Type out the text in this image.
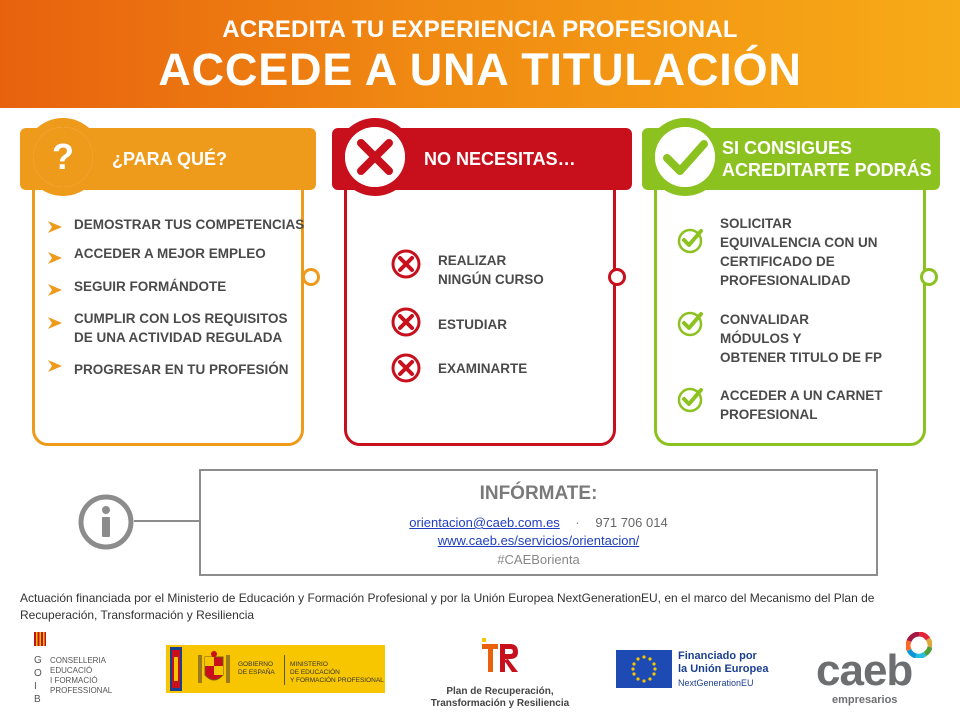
ACREDITA TU EXPERIENCIA PROFESIONAL
ACCEDE A UNA TITULACIÓN
? ¿PARA QUÉ?
DEMOSTRAR TUS COMPETENCIAS
ACCEDER A MEJOR EMPLEO
SEGUIR FORMÁNDOTE
CUMPLIR CON LOS REQUISITOS
DE UNA ACTIVIDAD REGULADA
PROGRESAR EN TU PROFESIÓN
NO NECESITAS…
REALIZAR
NINGÚN CURSO
ESTUDIAR
EXAMINARTE
SI CONSIGUES
ACREDITARTE PODRÁS
SOLICITAR
EQUIVALENCIA CON UN
CERTIFICADO DE
PROFESIONALIDAD
CONVALIDAR
MÓDULOS Y
OBTENER TITULO DE FP
ACCEDER A UN CARNET
PROFESIONAL
INFÓRMATE:
orientacion@caeb.com.es · 971 706 014
www.caeb.es/servicios/orientacion/
#CAEBorienta
Actuación financiada por el Ministerio de Educación y Formación Profesional y por la Unión Europea NextGenerationEU, en el marco del Mecanismo del Plan de Recuperación, Transformación y Resiliencia
G
O
I
B
CONSELLERIA
EDUCACIÓ
I FORMACIÓ
PROFESSIONAL
GOBIERNO
DE ESPAÑA
MINISTERIO
DE EDUCACIÓN
Y FORMACIÓN PROFESIONAL
Plan de Recuperación,
Transformación y Resiliencia
Financiado por
la Unión Europea
NextGenerationEU caeb
empresarios
